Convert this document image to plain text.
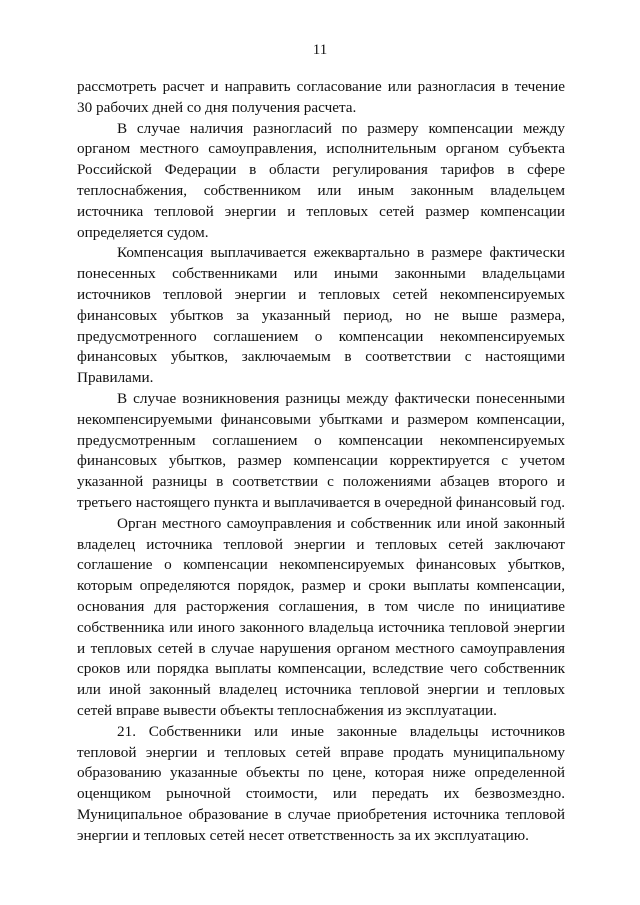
11

рассмотреть расчет и направить согласование или разногласия в течение 30 рабочих дней со дня получения расчета.

В случае наличия разногласий по размеру компенсации между органом местного самоуправления, исполнительным органом субъекта Российской Федерации в области регулирования тарифов в сфере теплоснабжения, собственником или иным законным владельцем источника тепловой энергии и тепловых сетей размер компенсации определяется судом.

Компенсация выплачивается ежеквартально в размере фактически понесенных собственниками или иными законными владельцами источников тепловой энергии и тепловых сетей некомпенсируемых финансовых убытков за указанный период, но не выше размера, предусмотренного соглашением о компенсации некомпенсируемых финансовых убытков, заключаемым в соответствии с настоящими Правилами.

В случае возникновения разницы между фактически понесенными некомпенсируемыми финансовыми убытками и размером компенсации, предусмотренным соглашением о компенсации некомпенсируемых финансовых убытков, размер компенсации корректируется с учетом указанной разницы в соответствии с положениями абзацев второго и третьего настоящего пункта и выплачивается в очередной финансовый год.

Орган местного самоуправления и собственник или иной законный владелец источника тепловой энергии и тепловых сетей заключают соглашение о компенсации некомпенсируемых финансовых убытков, которым определяются порядок, размер и сроки выплаты компенсации, основания для расторжения соглашения, в том числе по инициативе собственника или иного законного владельца источника тепловой энергии и тепловых сетей в случае нарушения органом местного самоуправления сроков или порядка выплаты компенсации, вследствие чего собственник или иной законный владелец источника тепловой энергии и тепловых сетей вправе вывести объекты теплоснабжения из эксплуатации.

21. Собственники или иные законные владельцы источников тепловой энергии и тепловых сетей вправе продать муниципальному образованию указанные объекты по цене, которая ниже определенной оценщиком рыночной стоимости, или передать их безвозмездно. Муниципальное образование в случае приобретения источника тепловой энергии и тепловых сетей несет ответственность за их эксплуатацию.
